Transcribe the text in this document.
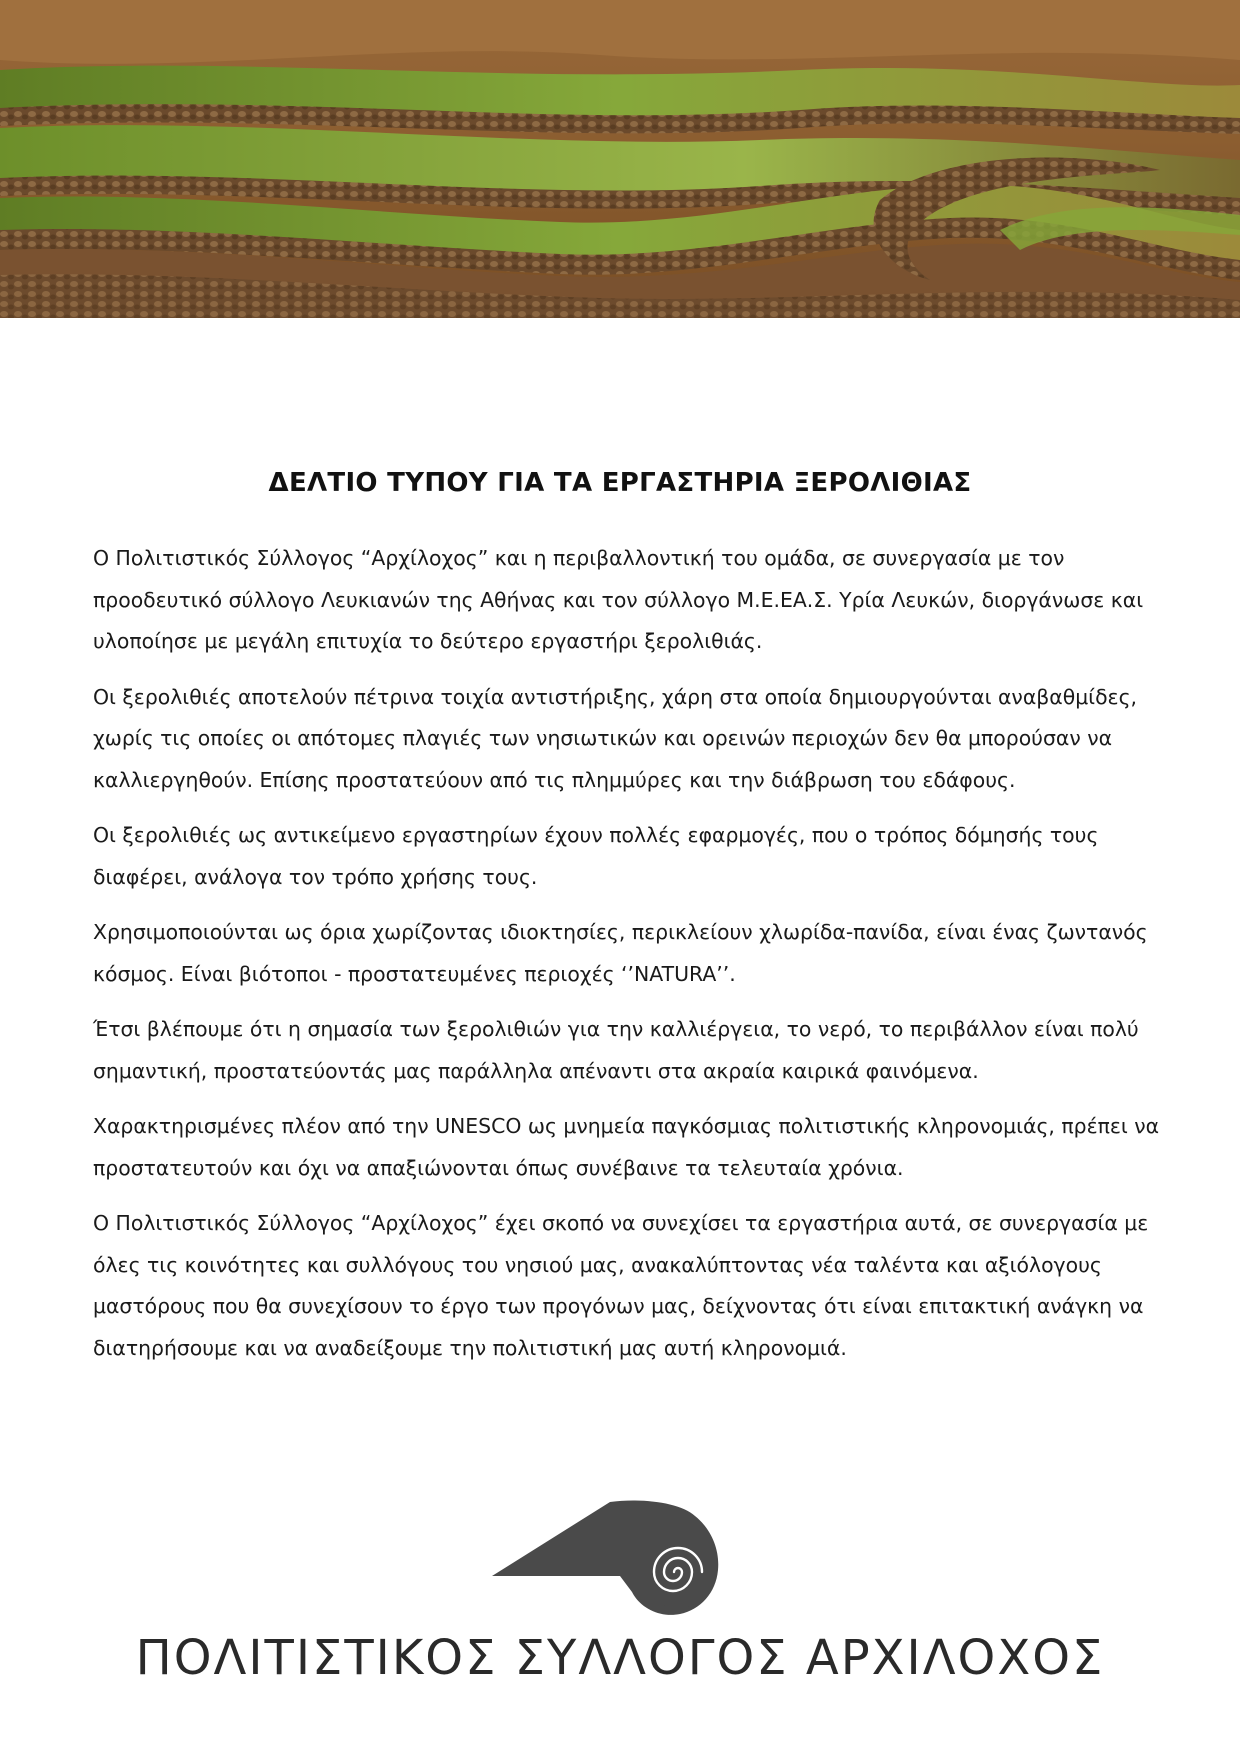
ΔΕΛΤΙΟ ΤΥΠΟΥ ΓΙΑ ΤΑ ΕΡΓΑΣΤΗΡΙΑ ΞΕΡΟΛΙΘΙΑΣ

Ο Πολιτιστικός Σύλλογος “Αρχίλοχος” και η περιβαλλοντική του ομάδα, σε συνεργασία με τον προοδευτικό σύλλογο Λευκιανών της Αθήνας και τον σύλλογο Μ.Ε.ΕΑ.Σ. Υρία Λευκών, διοργάνωσε και υλοποίησε με μεγάλη επιτυχία το δεύτερο εργαστήρι ξερολιθιάς.

Οι ξερολιθιές αποτελούν πέτρινα τοιχία αντιστήριξης, χάρη στα οποία δημιουργούνται αναβαθμίδες, χωρίς τις οποίες οι απότομες πλαγιές των νησιωτικών και ορεινών περιοχών δεν θα μπορούσαν να καλλιεργηθούν. Επίσης προστατεύουν από τις πλημμύρες και την διάβρωση του εδάφους.

Οι ξερολιθιές ως αντικείμενο εργαστηρίων έχουν πολλές εφαρμογές, που ο τρόπος δόμησής τους διαφέρει, ανάλογα τον τρόπο χρήσης τους.

Χρησιμοποιούνται ως όρια χωρίζοντας ιδιοκτησίες, περικλείουν χλωρίδα-πανίδα, είναι ένας ζωντανός κόσμος. Είναι βιότοποι - προστατευμένες περιοχές ‘’NATURA’’.

Έτσι βλέπουμε ότι η σημασία των ξερολιθιών για την καλλιέργεια, το νερό, το περιβάλλον είναι πολύ σημαντική, προστατεύοντάς μας παράλληλα απέναντι στα ακραία καιρικά φαινόμενα.

Χαρακτηρισμένες πλέον από την UNESCO ως μνημεία παγκόσμιας πολιτιστικής κληρονομιάς, πρέπει να προστατευτούν και όχι να απαξιώνονται όπως συνέβαινε τα τελευταία χρόνια.

Ο Πολιτιστικός Σύλλογος “Αρχίλοχος” έχει σκοπό να συνεχίσει τα εργαστήρια αυτά, σε συνεργασία με όλες τις κοινότητες και συλλόγους του νησιού μας, ανακαλύπτοντας νέα ταλέντα και αξιόλογους μαστόρους που θα συνεχίσουν το έργο των προγόνων μας, δείχνοντας ότι είναι επιτακτική ανάγκη να διατηρήσουμε και να αναδείξουμε την πολιτιστική μας αυτή κληρονομιά.

ΠΟΛΙΤΙΣΤΙΚΟΣ ΣΥΛΛΟΓΟΣ ΑΡΧΙΛΟΧΟΣ
